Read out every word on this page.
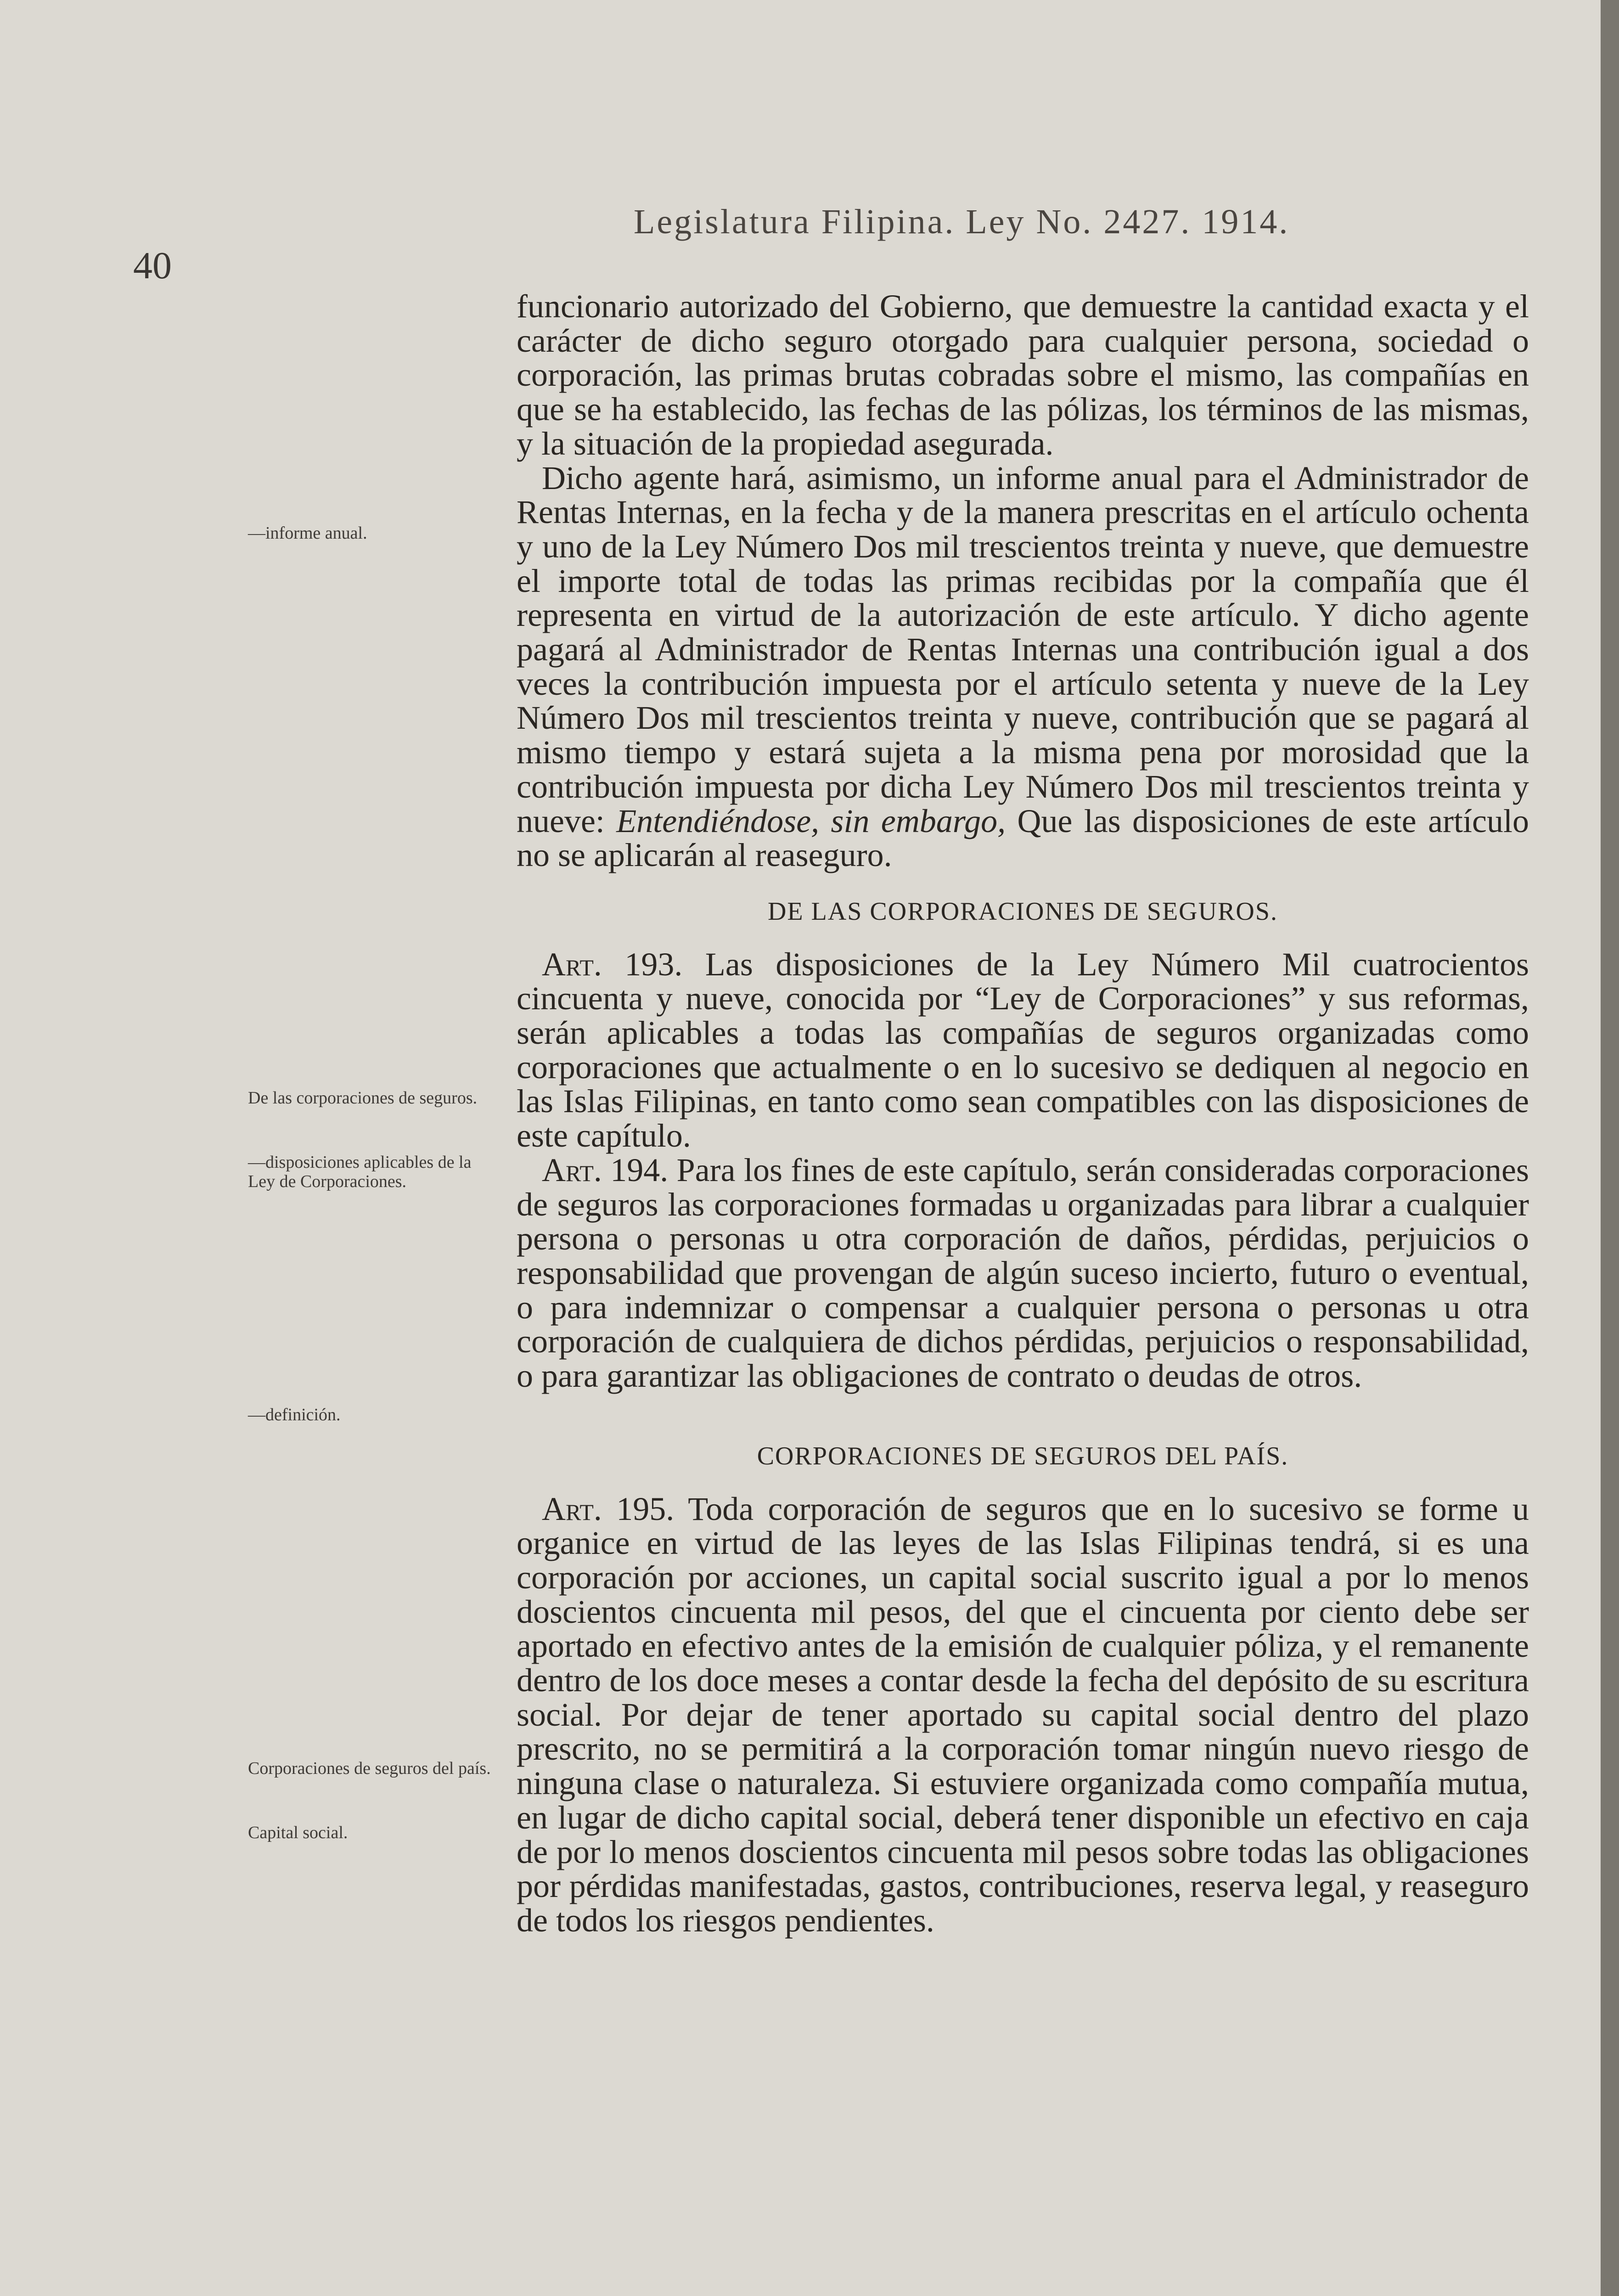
40
Legislatura Filipina. Ley No. 2427. 1914.
—informe anual.
De las corporaciones de seguros.
—disposiciones aplicables de la Ley de Corporaciones.
—definición.
Corporaciones de seguros del país.
Capital social.

funcionario autorizado del Gobierno, que demuestre la cantidad exacta y el carácter de dicho seguro otorgado para cualquier persona, sociedad o corporación, las primas brutas cobradas sobre el mismo, las compañías en que se ha establecido, las fechas de las pólizas, los términos de las mismas, y la situación de la propiedad asegurada.

Dicho agente hará, asimismo, un informe anual para el Administrador de Rentas Internas, en la fecha y de la manera prescritas en el artículo ochenta y uno de la Ley Número Dos mil trescientos treinta y nueve, que demuestre el importe total de todas las primas recibidas por la compañía que él representa en virtud de la autorización de este artículo. Y dicho agente pagará al Administrador de Rentas Internas una contribución igual a dos veces la contribución impuesta por el artículo setenta y nueve de la Ley Número Dos mil trescientos treinta y nueve, contribución que se pagará al mismo tiempo y estará sujeta a la misma pena por morosidad que la contribución impuesta por dicha Ley Número Dos mil trescientos treinta y nueve: Entendiéndose, sin embargo, Que las disposiciones de este artículo no se aplicarán al reaseguro.

DE LAS CORPORACIONES DE SEGUROS.

Art. 193. Las disposiciones de la Ley Número Mil cuatrocientos cincuenta y nueve, conocida por “Ley de Corporaciones” y sus reformas, serán aplicables a todas las compañías de seguros organizadas como corporaciones que actualmente o en lo sucesivo se dediquen al negocio en las Islas Filipinas, en tanto como sean compatibles con las disposiciones de este capítulo.

Art. 194. Para los fines de este capítulo, serán consideradas corporaciones de seguros las corporaciones formadas u organizadas para librar a cualquier persona o personas u otra corporación de daños, pérdidas, perjuicios o responsabilidad que provengan de algún suceso incierto, futuro o eventual, o para indemnizar o compensar a cualquier persona o personas u otra corporación de cualquiera de dichos pérdidas, perjuicios o responsabilidad, o para garantizar las obligaciones de contrato o deudas de otros.

CORPORACIONES DE SEGUROS DEL PAÍS.

Art. 195. Toda corporación de seguros que en lo sucesivo se forme u organice en virtud de las leyes de las Islas Filipinas tendrá, si es una corporación por acciones, un capital social suscrito igual a por lo menos doscientos cincuenta mil pesos, del que el cincuenta por ciento debe ser aportado en efectivo antes de la emisión de cualquier póliza, y el remanente dentro de los doce meses a contar desde la fecha del depósito de su escritura social. Por dejar de tener aportado su capital social dentro del plazo prescrito, no se permitirá a la corporación tomar ningún nuevo riesgo de ninguna clase o naturaleza. Si estuviere organizada como compañía mutua, en lugar de dicho capital social, deberá tener disponible un efectivo en caja de por lo menos doscientos cincuenta mil pesos sobre todas las obligaciones por pérdidas manifestadas, gastos, contribuciones, reserva legal, y reaseguro de todos los riesgos pendientes.
